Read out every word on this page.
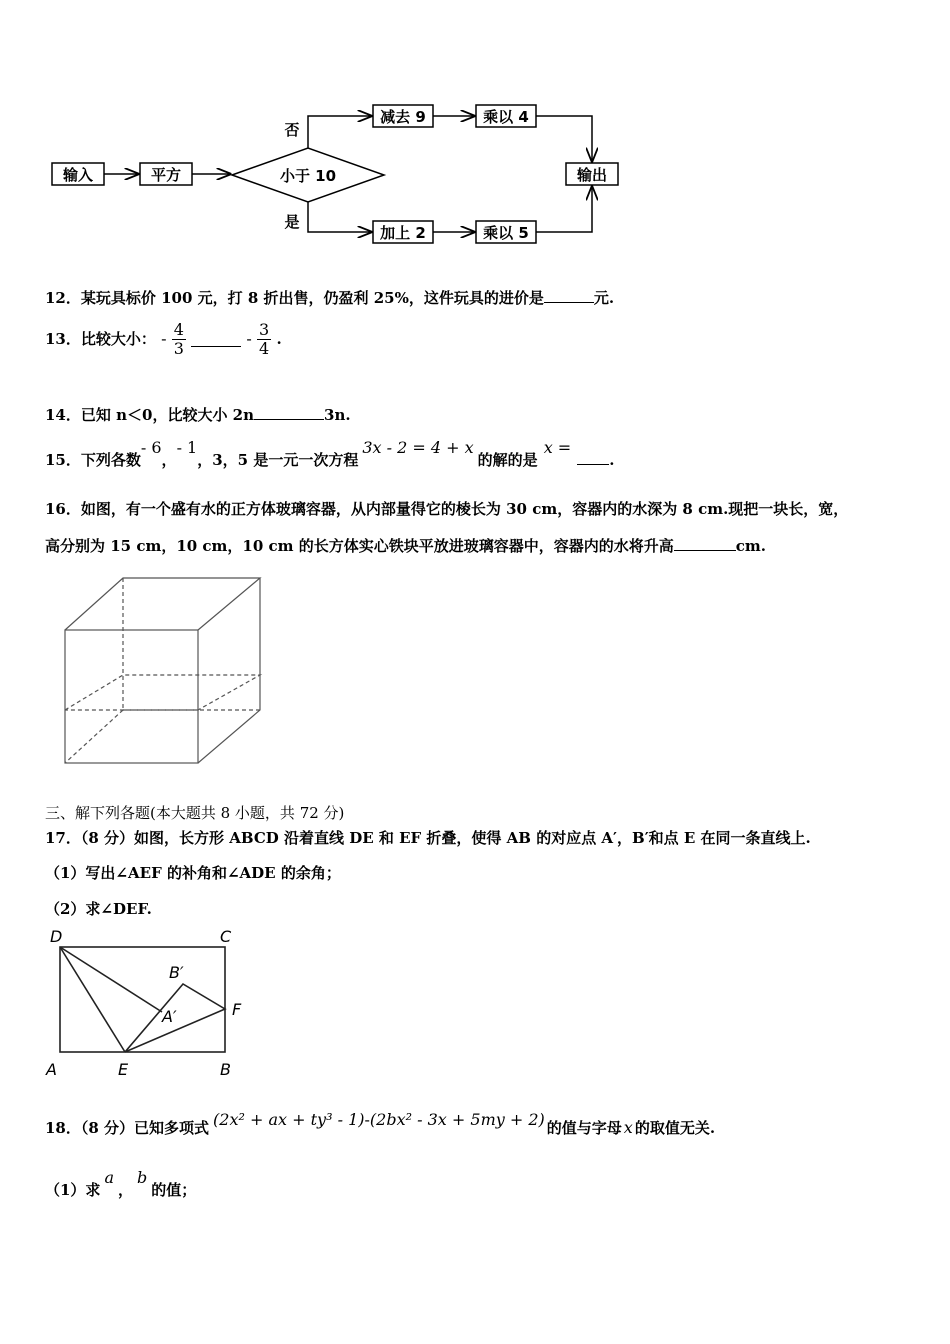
输入	平方	小于 10
减去 9	乘以 4
加上 2	乘以 5
输出
否
是
12．某玩具标价 100 元，打 8 折出售，仍盈利 25%，这件玩具的进价是	元.
13．比较大小： - $\frac{4}{3}$	- $\frac{3}{4}$ .
14．已知 n＜0，比较大小 2n	3n.
15．下列各数- 6，- 1，3，5 是一元一次方程3x - 2 = 4 + x的解的是x =.
16．如图，有一个盛有水的正方体玻璃容器，从内部量得它的棱长为 30 cm，容器内的水深为 8 cm.现把一块长，宽，
高分别为 15 cm，10 cm，10 cm 的长方体实心铁块平放进玻璃容器中，容器内的水将升高	cm.
三、解下列各题(本大题共 8 小题，共 72 分)
17．（8 分）如图，长方形 ABCD 沿着直线 DE 和 EF 折叠，使得 AB 的对应点 A′，B′和点 E 在同一条直线上.
（1）写出∠AEF 的补角和∠ADE 的余角；
（2）求∠DEF.
D	C
A	E	B
F
B′
A′
18．（8 分）已知多项式 (2x² + ax + ty³ - 1)-(2bx² - 3x + 5my + 2) 的值与字母 x 的取值无关.
（1）求a，b的值；
